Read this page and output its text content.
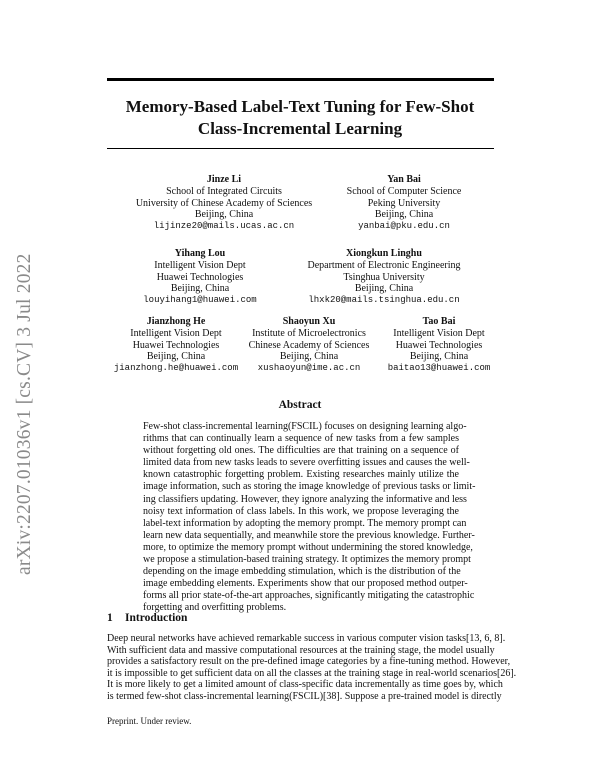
arXiv:2207.01036v1 [cs.CV] 3 Jul 2022
Memory-Based Label-Text Tuning for Few-Shot
Class-Incremental Learning
Jinze Li
School of Integrated Circuits
University of Chinese Academy of Sciences
Beijing, China
lijinze20@mails.ucas.ac.cn
Yan Bai
School of Computer Science
Peking University
Beijing, China
yanbai@pku.edu.cn
Yihang Lou
Intelligent Vision Dept
Huawei Technologies
Beijing, China
louyihang1@huawei.com
Xiongkun Linghu
Department of Electronic Engineering
Tsinghua University
Beijing, China
lhxk20@mails.tsinghua.edu.cn
Jianzhong He
Intelligent Vision Dept
Huawei Technologies
Beijing, China
jianzhong.he@huawei.com
Shaoyun Xu
Institute of Microelectronics
Chinese Academy of Sciences
Beijing, China
xushaoyun@ime.ac.cn
Tao Bai
Intelligent Vision Dept
Huawei Technologies
Beijing, China
baitao13@huawei.com
Abstract
Few-shot class-incremental learning(FSCIL) focuses on designing learning algo-
rithms that can continually learn a sequence of new tasks from a few samples
without forgetting old ones. The difficulties are that training on a sequence of
limited data from new tasks leads to severe overfitting issues and causes the well-
known catastrophic forgetting problem. Existing researches mainly utilize the
image information, such as storing the image knowledge of previous tasks or limit-
ing classifiers updating. However, they ignore analyzing the informative and less
noisy text information of class labels. In this work, we propose leveraging the
label-text information by adopting the memory prompt. The memory prompt can
learn new data sequentially, and meanwhile store the previous knowledge. Further-
more, to optimize the memory prompt without undermining the stored knowledge,
we propose a stimulation-based training strategy. It optimizes the memory prompt
depending on the image embedding stimulation, which is the distribution of the
image embedding elements. Experiments show that our proposed method outper-
forms all prior state-of-the-art approaches, significantly mitigating the catastrophic
forgetting and overfitting problems.
1 Introduction
Deep neural networks have achieved remarkable success in various computer vision tasks[13, 6, 8].
With sufficient data and massive computational resources at the training stage, the model usually
provides a satisfactory result on the pre-defined image categories by a fine-tuning method. However,
it is impossible to get sufficient data on all the classes at the training stage in real-world scenarios[26].
It is more likely to get a limited amount of class-specific data incrementally as time goes by, which
is termed few-shot class-incremental learning(FSCIL)[38]. Suppose a pre-trained model is directly
Preprint. Under review.
